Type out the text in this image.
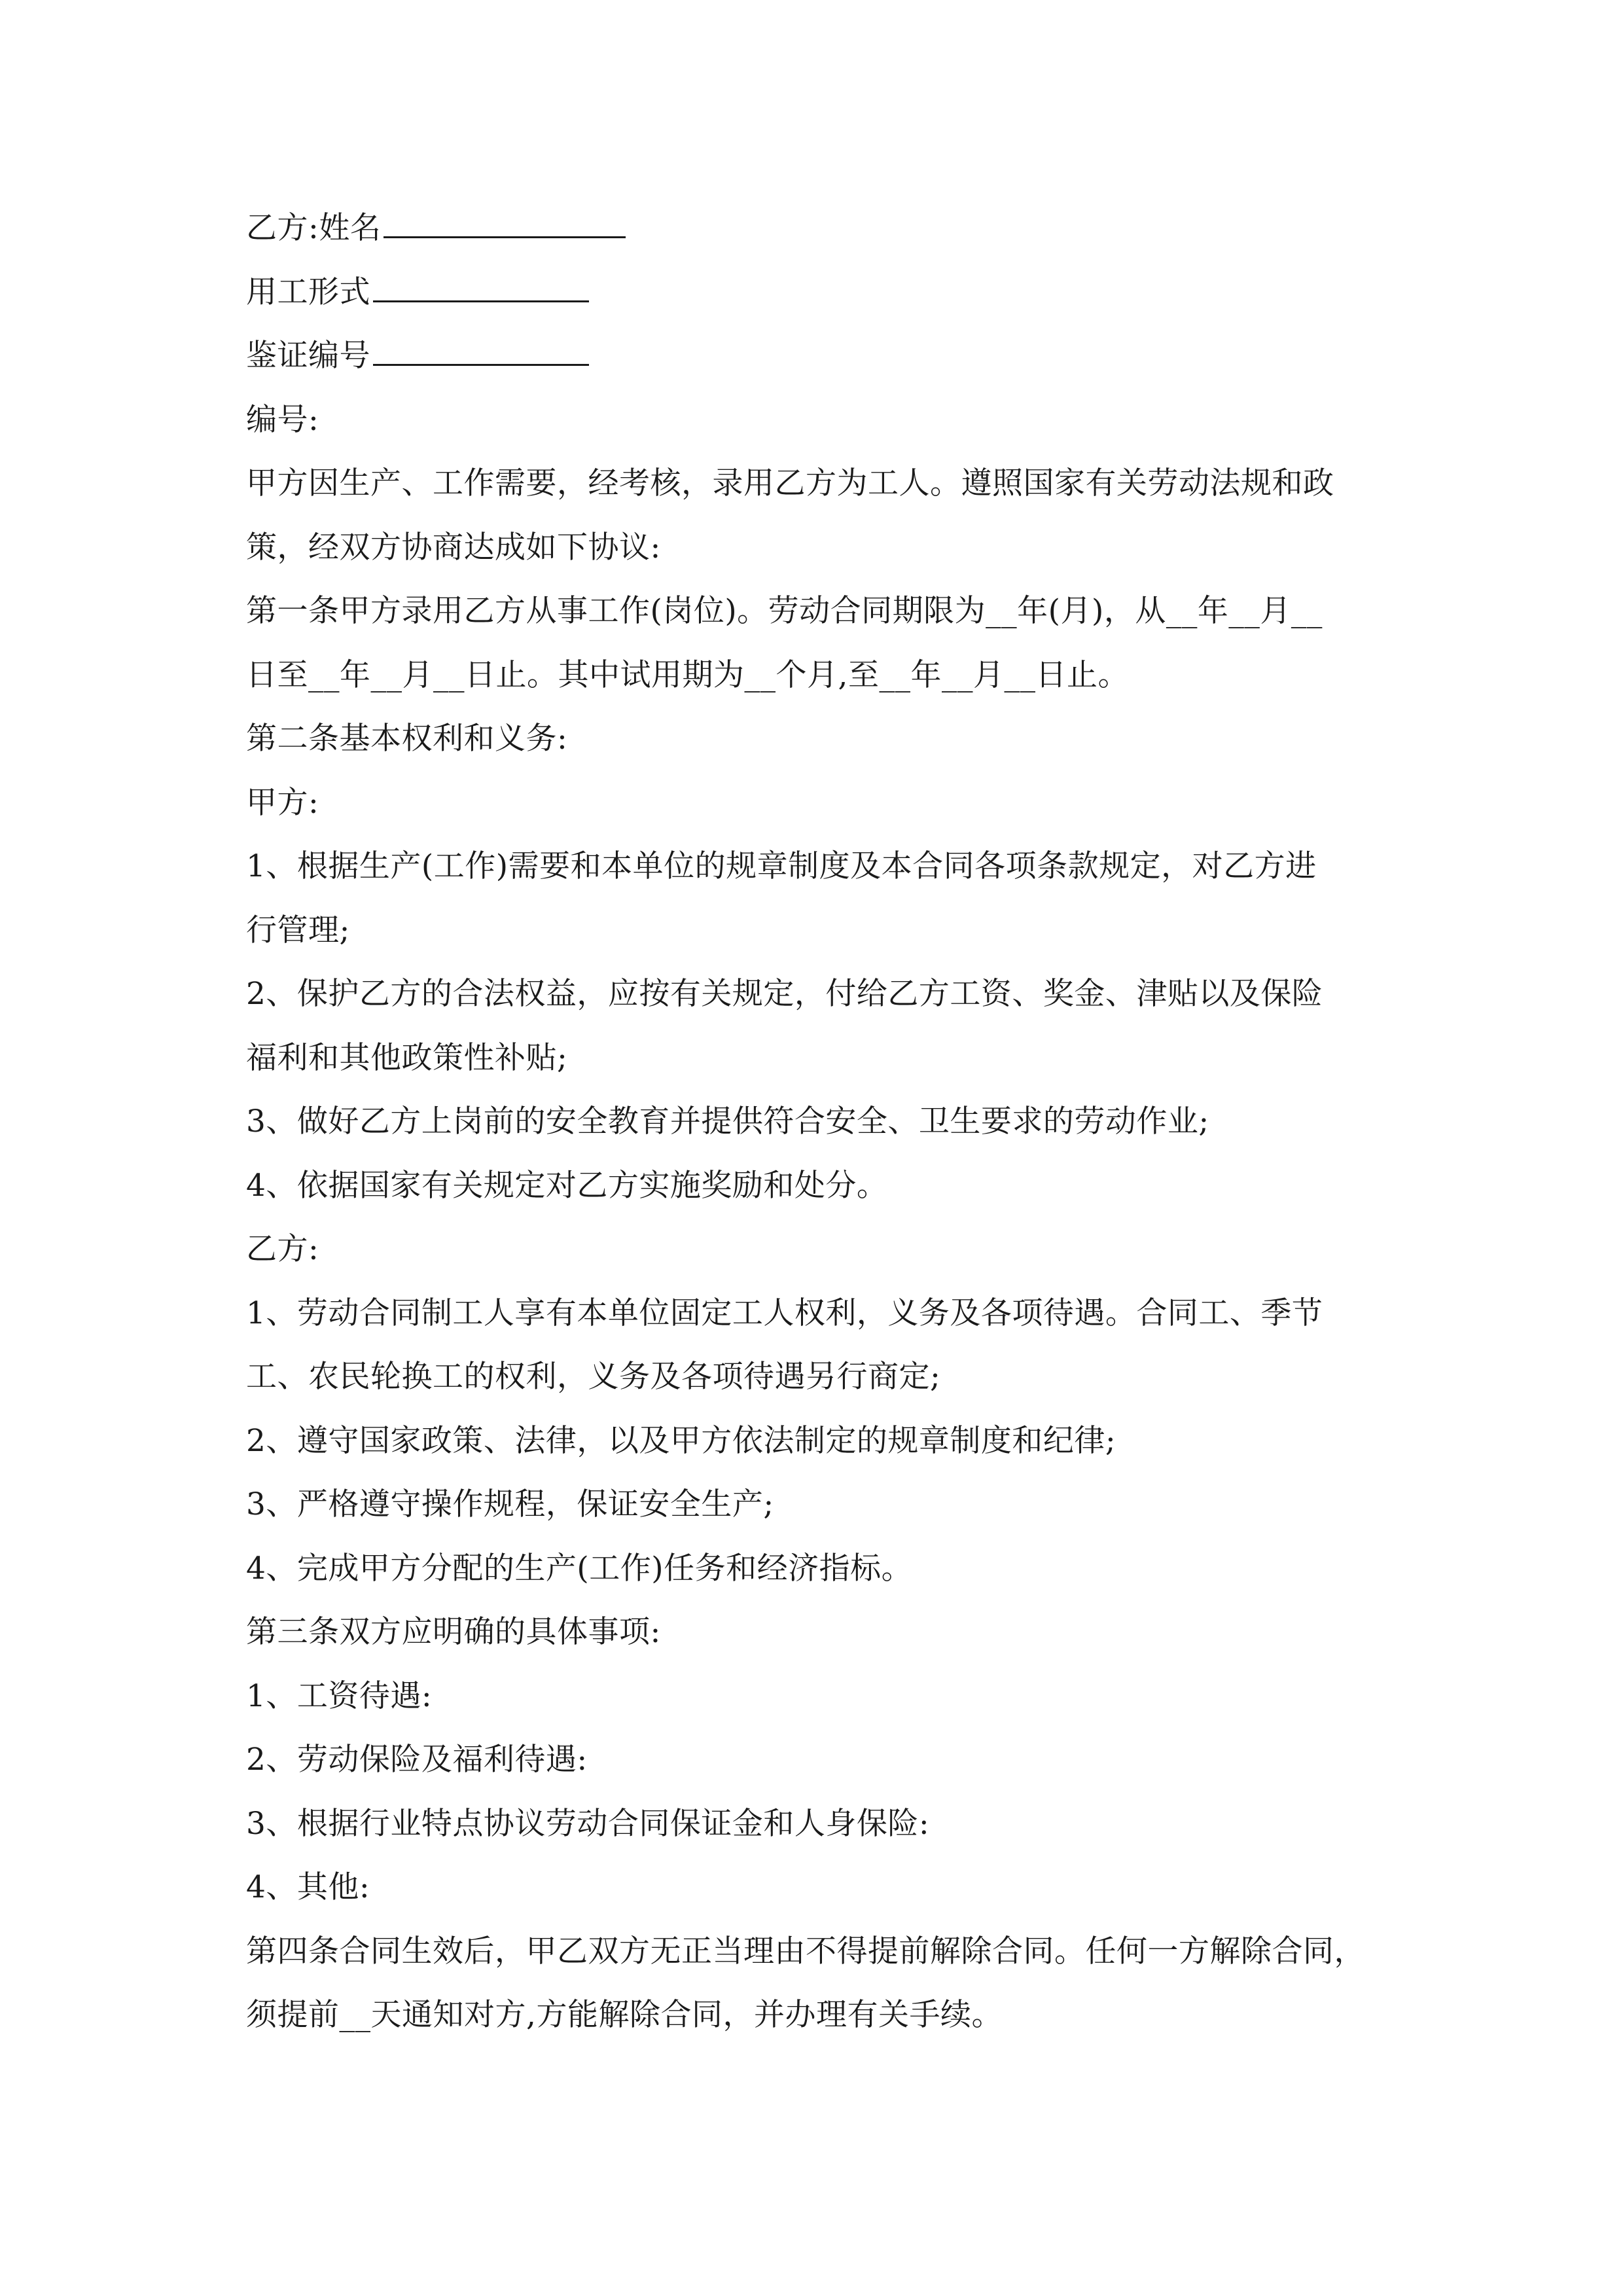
乙方:姓名
用工形式
鉴证编号
编号:
甲方因生产、工作需要，经考核，录用乙方为工人。遵照国家有关劳动法规和政
策，经双方协商达成如下协议:
第一条甲方录用乙方从事工作(岗位)。劳动合同期限为__年(月)，从__年__月__
日至__年__月__日止。其中试用期为__个月,至__年__月__日止。
第二条基本权利和义务:
甲方:
1、根据生产(工作)需要和本单位的规章制度及本合同各项条款规定，对乙方进
行管理;
2、保护乙方的合法权益，应按有关规定，付给乙方工资、奖金、津贴以及保险
福利和其他政策性补贴;
3、做好乙方上岗前的安全教育并提供符合安全、卫生要求的劳动作业;
4、依据国家有关规定对乙方实施奖励和处分。
乙方:
1、劳动合同制工人享有本单位固定工人权利，义务及各项待遇。合同工、季节
工、农民轮换工的权利，义务及各项待遇另行商定;
2、遵守国家政策、法律，以及甲方依法制定的规章制度和纪律;
3、严格遵守操作规程，保证安全生产;
4、完成甲方分配的生产(工作)任务和经济指标。
第三条双方应明确的具体事项:
1、工资待遇:
2、劳动保险及福利待遇:
3、根据行业特点协议劳动合同保证金和人身保险:
4、其他:
第四条合同生效后，甲乙双方无正当理由不得提前解除合同。任何一方解除合同，
须提前__天通知对方,方能解除合同，并办理有关手续。
